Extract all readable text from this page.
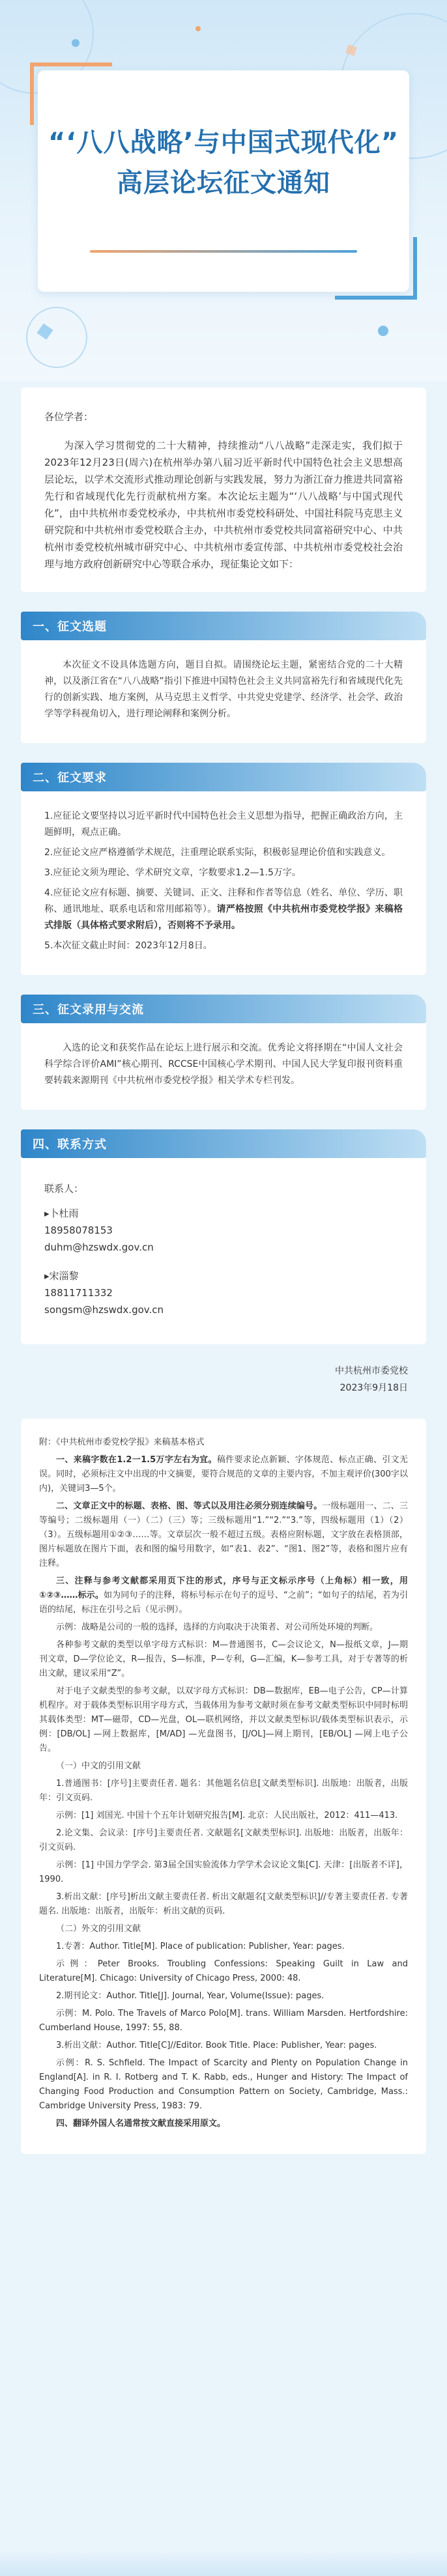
“‘八八战略’与中国式现代化”
高层论坛征文通知
各位学者：

为深入学习贯彻党的二十大精神，持续推动“八八战略”走深走实，我们拟于2023年12月23日(周六)在杭州举办第八届习近平新时代中国特色社会主义思想高层论坛，以学术交流形式推动理论创新与实践发展，努力为浙江奋力推进共同富裕先行和省域现代化先行贡献杭州方案。本次论坛主题为“‘八八战略’与中国式现代化”，由中共杭州市委党校承办，中共杭州市委党校科研处、中国社科院马克思主义研究院和中共杭州市委党校联合主办，中共杭州市委党校共同富裕研究中心、中共杭州市委党校杭州城市研究中心、中共杭州市委宣传部、中共杭州市委党校社会治理与地方政府创新研究中心等联合承办，现征集论文如下：

一、征文选题

本次征文不设具体选题方向，题目自拟。请围绕论坛主题，紧密结合党的二十大精神，以及浙江省在“八八战略”指引下推进中国特色社会主义共同富裕先行和省域现代化先行的创新实践、地方案例，从马克思主义哲学、中共党史党建学、经济学、社会学、政治学等学科视角切入，进行理论阐释和案例分析。

二、征文要求

1.应征论文要坚持以习近平新时代中国特色社会主义思想为指导，把握正确政治方向，主题鲜明，观点正确。

2.应征论文应严格遵循学术规范，注重理论联系实际，积极彰显理论价值和实践意义。

3.应征论文须为理论、学术研究文章，字数要求1.2—1.5万字。

4.应征论文应有标题、摘要、关键词、正文、注释和作者等信息（姓名、单位、学历、职称、通讯地址、联系电话和常用邮箱等）。请严格按照《中共杭州市委党校学报》来稿格式排版（具体格式要求附后），否则将不予录用。

5.本次征文截止时间：2023年12月8日。

三、征文录用与交流

入选的论文和获奖作品在论坛上进行展示和交流。优秀论文将择期在“中国人文社会科学综合评价AMI”核心期刊、RCCSE中国核心学术期刊、中国人民大学复印报刊资料重要转载来源期刊《中共杭州市委党校学报》相关学术专栏刊发。

四、联系方式

联系人：

▸卜杜雨

18958078153

duhm@hzswdx.gov.cn

▸宋淄黎

18811711332

songsm@hzswdx.gov.cn

中共杭州市委党校
2023年9月18日

附：《中共杭州市委党校学报》来稿基本格式

一、来稿字数在1.2一1.5万字左右为宜。稿件要求论点新颖、字体规范、标点正确、引文无误。同时，必须标注文中出现的中文摘要，要符合规范的文章的主要内容，不加主观评价(300字以内)，关键词3—5个。

二、文章正文中的标题、表格、图、等式以及用注必须分别连续编号。一级标题用一、二、三等编号；二级标题用（一）（二）（三）等；三级标题用“1.”“2.”“3.”等，四级标题用（1）（2）（3）。五级标题用①②③……等。文章层次一般不超过五级。表格应附标题，文字放在表格顶部，图片标题放在图片下面，表和图的编号用数字，如“表1、表2”、“图1、图2”等，表格和图片应有注释。

三、注释与参考文献都采用页下注的形式，序号与正文标示序号（上角标）相一致，用①②③……标示。如为同句子的注释，将标号标示在句子的逗号、“之前”；“如句子的结尾，若为引语的结尾，标注在引号之后（见示例）。

示例：战略是公司的一般的选择，选择的方向取决于决策者、对公司所处环境的判断。

各种参考文献的类型以单字母方式标识：M—普通图书，C—会议论文，N—报纸文章，J—期刊文章，D—学位论文，R—报告，S—标准，P—专利，G—汇编，K—参考工具，对于专著等的析出文献，建议采用“Z”。

对于电子文献类型的参考文献，以双字母方式标识：DB—数据库，EB—电子公告，CP—计算机程序。对于载体类型标识用字母方式，当载体用为参考文献时须在参考文献类型标识中同时标明其载体类型：MT—磁带，CD—光盘，OL—联机网络，并以文献类型标识/载体类型标识表示，示例：[DB/OL] —网上数据库，[M/AD] —光盘图书，[J/OL]—网上期刊，[EB/OL] —网上电子公告。

（一）中文的引用文献

1.普通图书：[序号]主要责任者. 题名：其他题名信息[文献类型标识]. 出版地：出版者，出版年：引文页码.

示例：[1] 刘国光. 中国十个五年计划研究报告[M]. 北京：人民出版社，2012：411—413.

2.论文集、会议录：[序号]主要责任者. 文献题名[文献类型标识]. 出版地：出版者，出版年：引文页码.

示例：[1] 中国力学学会. 第3届全国实验流体力学学术会议论文集[C]. 天津：[出版者不详]，1990.

3.析出文献：[序号]析出文献主要责任者. 析出文献题名[文献类型标识]//专著主要责任者. 专著题名. 出版地：出版者，出版年：析出文献的页码.

（二）外文的引用文献

1.专著：Author. Title[M]. Place of publication: Publisher, Year: pages.

示例：Peter Brooks. Troubling Confessions: Speaking Guilt in Law and Literature[M]. Chicago: University of Chicago Press, 2000: 48.

2.期刊论文：Author. Title[J]. Journal, Year, Volume(Issue): pages.

示例：M. Polo. The Travels of Marco Polo[M]. trans. William Marsden. Hertfordshire: Cumberland House, 1997: 55, 88.

3.析出文献：Author. Title[C]//Editor. Book Title. Place: Publisher, Year: pages.

示例：R. S. Schfield. The Impact of Scarcity and Plenty on Population Change in England[A]. in R. I. Rotberg and T. K. Rabb, eds., Hunger and History: The Impact of Changing Food Production and Consumption Pattern on Society, Cambridge, Mass.: Cambridge University Press, 1983: 79.

四、翻译外国人名通常按文献直接采用原文。
